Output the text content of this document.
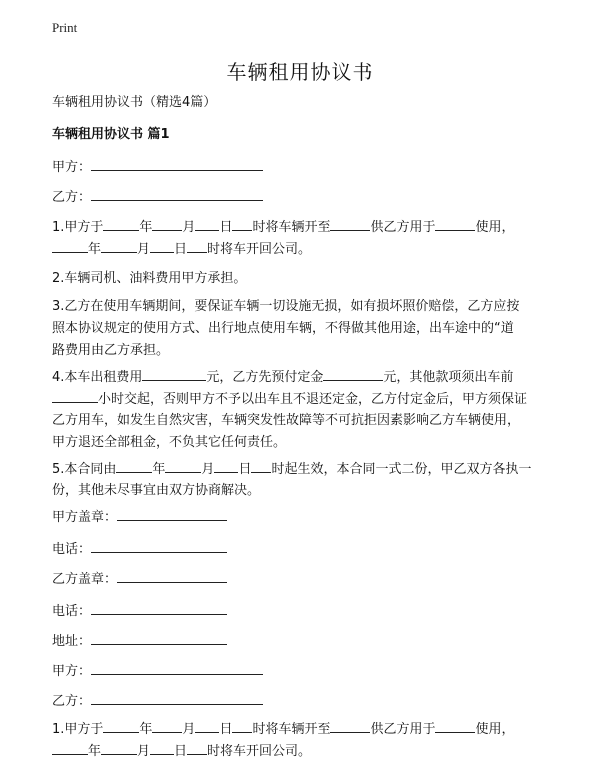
Print
车辆租用协议书
车辆租用协议书（精选4篇）
车辆租用协议书 篇1
甲方：
乙方：
1.甲方于	年 月 日 时将车辆开至	供乙方用于	使用，
年	月 日 时将车开回公司。
2.车辆司机、油料费用甲方承担。
3.乙方在使用车辆期间，要保证车辆一切设施无损，如有损坏照价赔偿，乙方应按
照本协议规定的使用方式、出行地点使用车辆，不得做其他用途，出车途中的“道
路费用由乙方承担。
4.本车出租费用	元，乙方先预付定金	元，其他款项须出车前
小时交起，否则甲方不予以出车且不退还定金，乙方付定金后，甲方须保证
乙方用车，如发生自然灾害，车辆突发性故障等不可抗拒因素影响乙方车辆使用，
甲方退还全部租金，不负其它任何责任。
5.本合同由	年	月 日 时起生效，本合同一式二份，甲乙双方各执一
份，其他未尽事宜由双方协商解决。
甲方盖章：
电话：
乙方盖章：
电话：
地址：
甲方：
乙方：
1.甲方于	年 月 日 时将车辆开至	供乙方用于	使用，
年	月 日 时将车开回公司。
